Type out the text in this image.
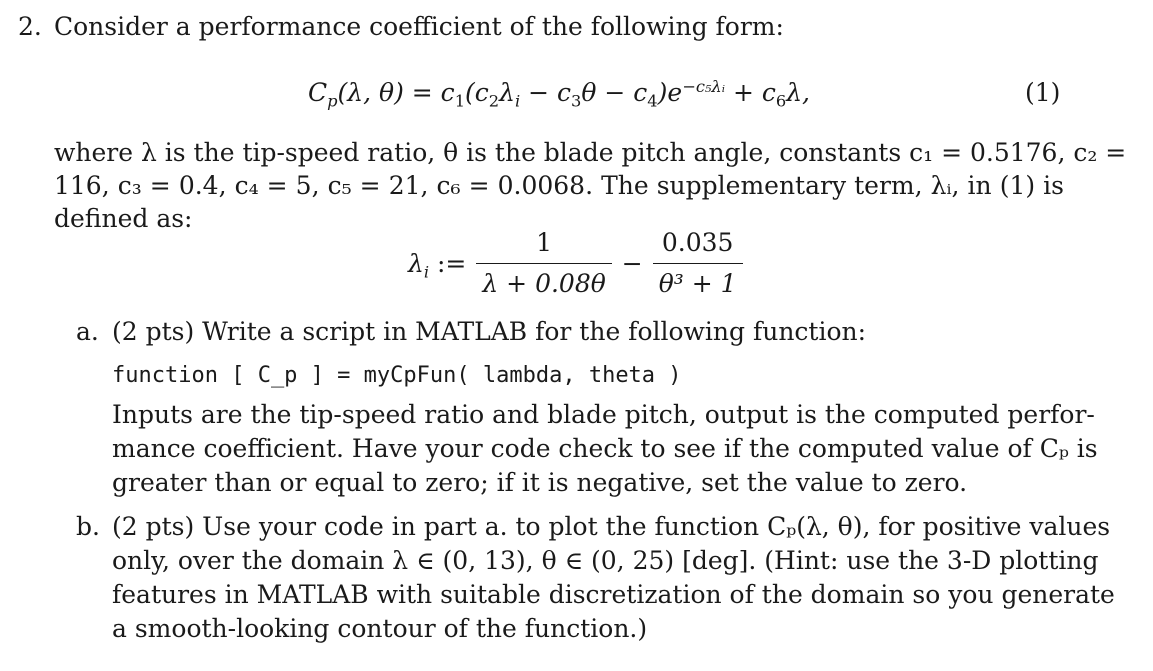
2. Consider a performance coefficient of the following form:
$C_p(\lambda$, $\theta) = c_1(c_2\lambda_i - c_3\theta - c_4)e^{-c_5\lambda ᵢ} + c_6\lambda$,	(1)
where λ is the tip-speed ratio, θ is the blade pitch angle, constants c₁ = 0.5176, c₂ =
116, c₃ = 0.4, c₄ = 5, c₅ = 21, c₆ = 0.0068. The supplementary term, λᵢ, in (1) is
defined as:
$\lambda_i$ := $\frac{1}{\lambda + 0.08\theta} - \frac{0.035}{\text{θ³ + 1}}$
a. (2 pts) Write a script in MATLAB for the following function:
function [ C_p ] = myCpFun( lambda, theta )
Inputs are the tip-speed ratio and blade pitch, output is the computed perfor-
mance coefficient. Have your code check to see if the computed value of Cₚ is
greater than or equal to zero; if it is negative, set the value to zero.
b. (2 pts) Use your code in part a. to plot the function Cₚ(λ, θ), for positive values
only, over the domain λ ∈ (0, 13), θ ∈ (0, 25) [deg]. (Hint: use the 3-D plotting
features in MATLAB with suitable discretization of the domain so you generate
a smooth-looking contour of the function.)
